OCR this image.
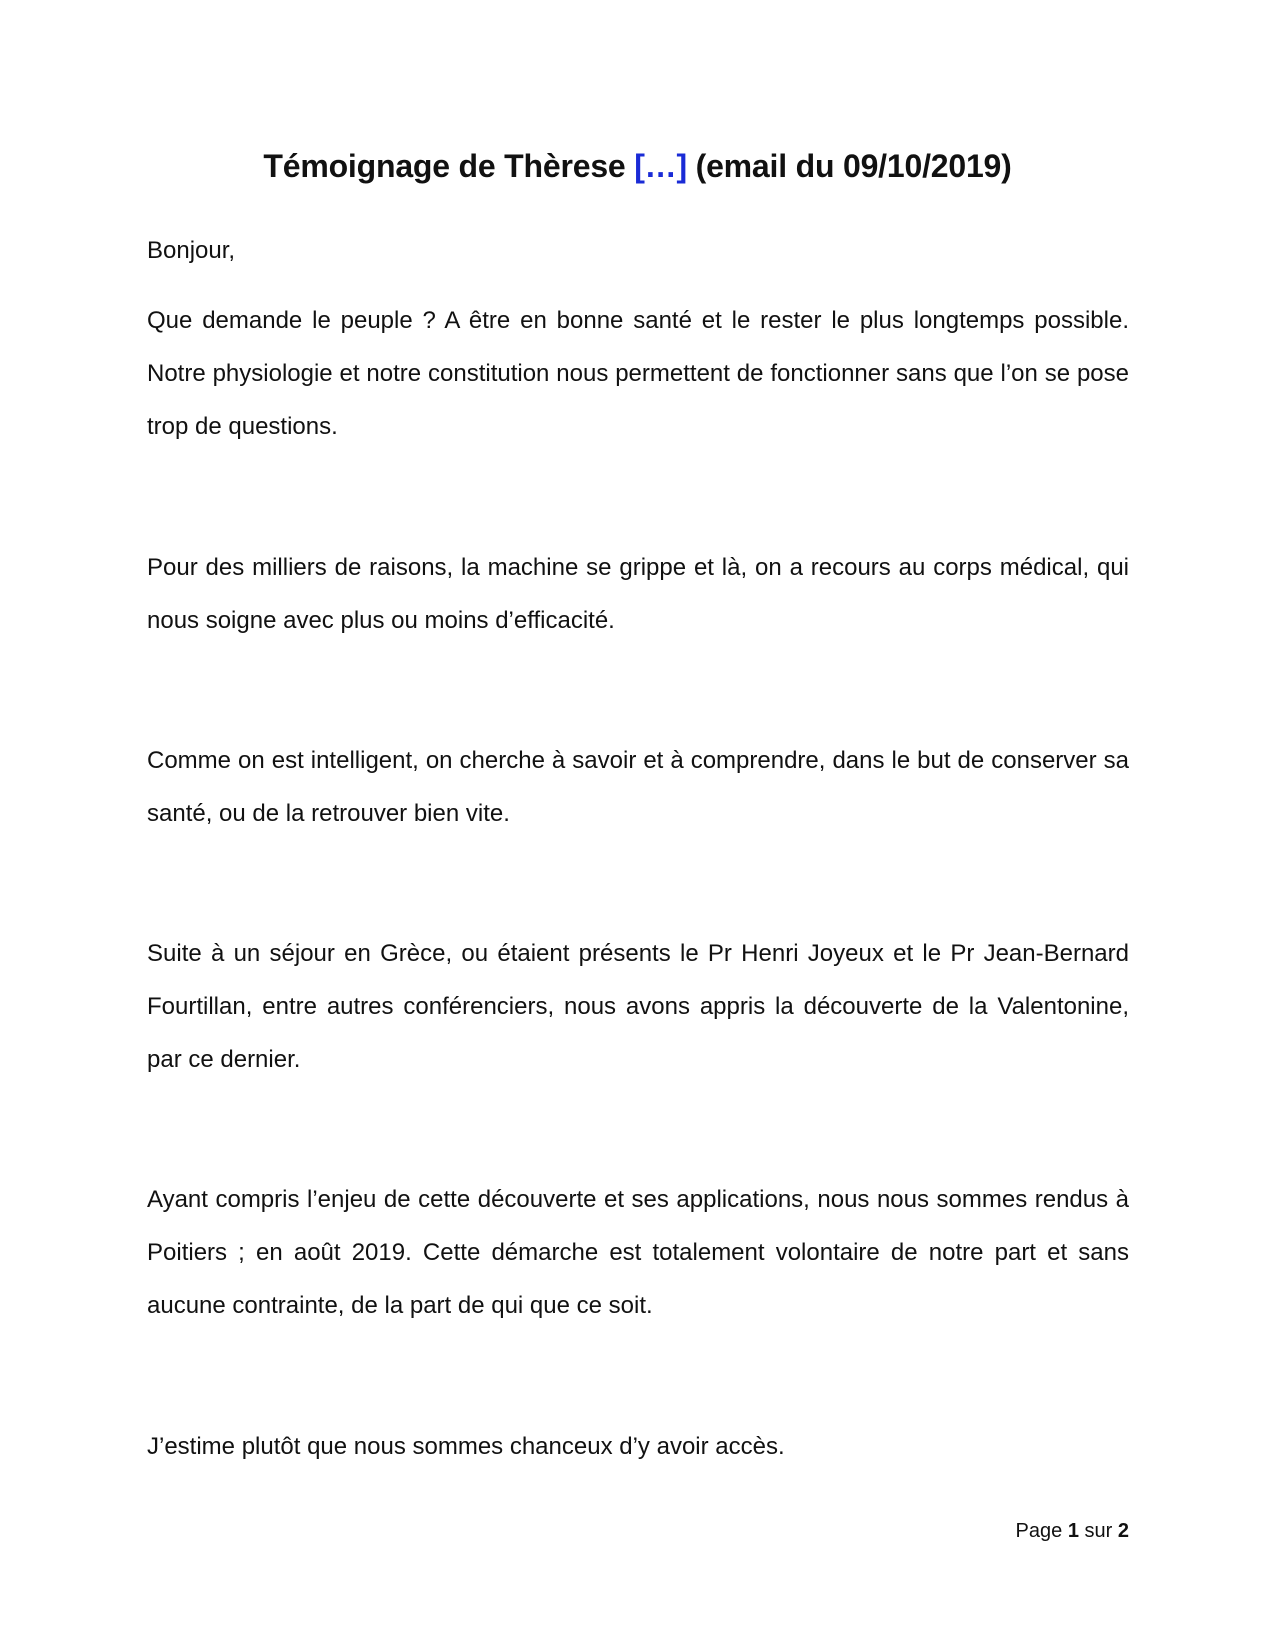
Témoignage de Thèrese […] (email du 09/10/2019)

Bonjour,

Que demande le peuple ? A être en bonne santé et le rester le plus longtemps possible. Notre physiologie et notre constitution nous permettent de fonctionner sans que l’on se pose trop de questions.

Pour des milliers de raisons, la machine se grippe et là, on a recours au corps médical, qui nous soigne avec plus ou moins d’efficacité.

Comme on est intelligent, on cherche à savoir et à comprendre, dans le but de conserver sa santé, ou de la retrouver bien vite.

Suite à un séjour en Grèce, ou étaient présents le Pr Henri Joyeux et le Pr Jean-Bernard Fourtillan, entre autres conférenciers, nous avons appris la découverte de la Valentonine, par ce dernier.

Ayant compris l’enjeu de cette découverte et ses applications, nous nous sommes rendus à Poitiers ; en août 2019. Cette démarche est totalement volontaire de notre part et sans aucune contrainte, de la part de qui que ce soit.

J’estime plutôt que nous sommes chanceux d’y avoir accès.

Page 1 sur 2
